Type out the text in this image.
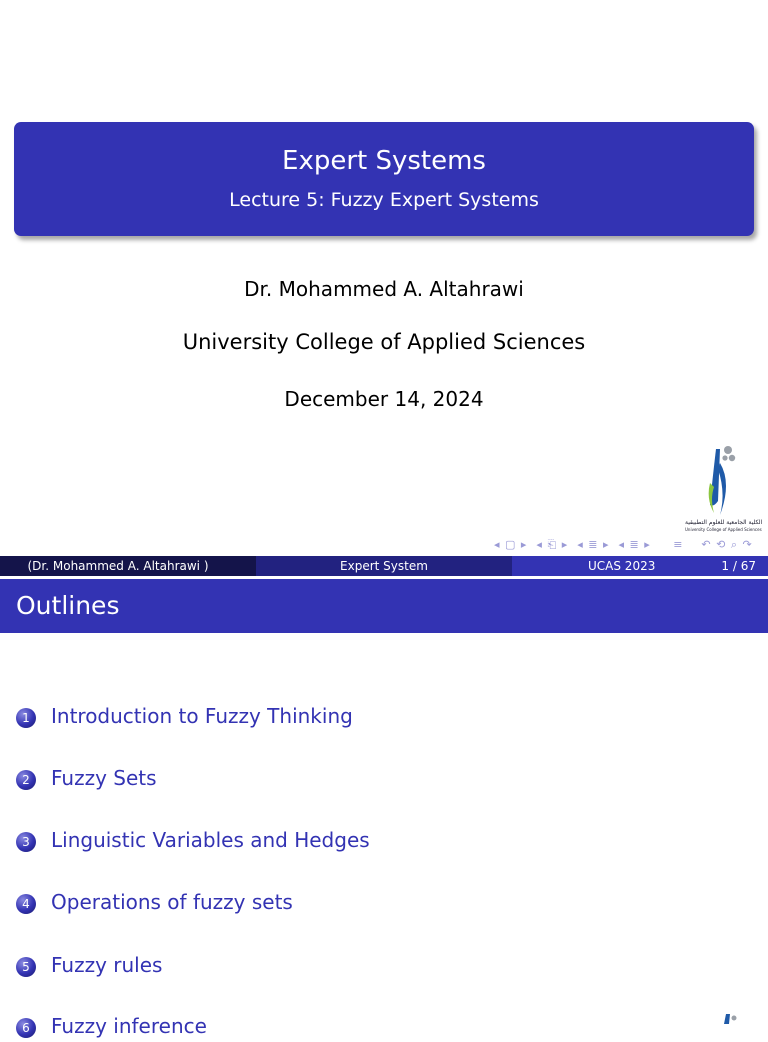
Expert Systems
Lecture 5: Fuzzy Expert Systems
Dr. Mohammed A. Altahrawi
University College of Applied Sciences
December 14, 2024
الكلية الجامعية للعلوم التطبيقية
University College of Applied Sciences
◂ ▢ ▸  ◂ ⎗ ▸  ◂ ≣ ▸  ◂ ≣ ▸     ≡    ↶ ⟲ ⌕ ↷
(Dr. Mohammed A. Altahrawi )	Expert System	UCAS 2023	1 / 67
Outlines
1	Introduction to Fuzzy Thinking
2	Fuzzy Sets
3	Linguistic Variables and Hedges
4	Operations of fuzzy sets
5	Fuzzy rules
6	Fuzzy inference
